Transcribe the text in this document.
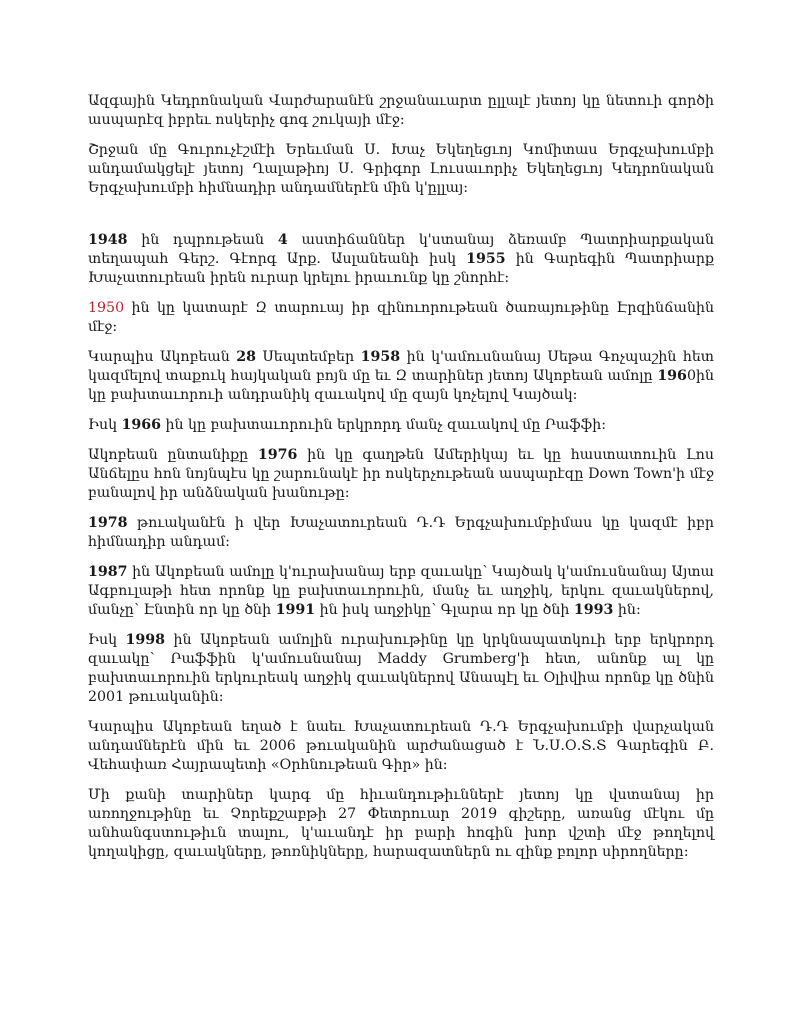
Ազգային Կեդրոնական Վարժարանէն շրջանաւարտ ըլլալէ յետոյ կը նետուի գործի ասպարէզ իբրեւ ոսկերիչ գոգ շուկայի մէջ։

Շրջան մը Գուրուչէշմէի Երեւման Ս. Խաչ Եկեղեցւոյ Կոմիտաս Երգչախումբի անդամակցելէ յետոյ Ղալաթիոյ Ս. Գրիգոր Լուսաւորիչ Եկեղեցւոյ Կեդրոնական Երգչախումբի հիմնադիր անդամներէն մին կ'ըլլայ։

1948 ին դպրութեան 4 աստիճաններ կ'ստանայ ձեռամբ Պատրիարքական տեղապահ Գերշ. Գէորգ Արք. Ասլանեանի իսկ 1955 ին Գարեգին Պատրիարք Խաչատուրեան իրեն ուրար կրելու իրաւունք կը շնորհէ։

1950 ին կը կատարէ Զ տարուայ իր զինուորութեան ծառայութինը Էրզինճանին մէջ։

Կարպիս Ակոբեան 28 Սեպտեմբեր 1958 ին կ'ամուսնանայ Սեթա Գոչպաշին հետ կազմելով տաքուկ հայկական բոյն մը եւ Զ տարիներ յետոյ Ակոբեան ամոլը 1960ին կը բախտաւորուի անդրանիկ զաւակով մը զայն կոչելով Կայծակ։

Իսկ 1966 ին կը բախտաւորուին երկրորդ մանչ զաւակով մը Րաֆֆի։

Ակոբեան ընտանիքը 1976 ին կը գաղթեն Ամերիկայ եւ կը հաստատուին Լոս Անճելըս հոն նոյնպէս կը շարունակէ իր ոսկերչութեան ասպարէզը Down Town'ի մէջ բանալով իր անձնական խանութը։

1978 թուականէն ի վեր Խաչատուրեան Դ.Դ Երգչախումբիմաս կը կազմէ իբր հիմնադիր անդամ։

1987 ին Ակոբեան ամոլը կ'ուրախանայ երբ զաւակը՝ Կայծակ կ'ամուսնանայ Այտա Ագբուլաթի հետ որոնք կը բախտաւորուին, մանչ եւ աղջիկ, երկու զաւակներով, մանչը՝ Էնտին որ կը ծնի 1991 ին իսկ աղջիկը՝ Գլարա որ կը ծնի 1993 ին։

Իսկ 1998 ին Ակոբեան ամոլին ուրախութինը կը կրկնապատկուի երբ երկրորդ զաւակը՝ Րաֆֆին կ'ամուսնանայ Maddy Grumberg'ի հետ, անոնք ալ կը բախտաւորուին երկուրեակ աղջիկ զաւակներով Անապէլ եւ Օլիվիա որոնք կը ծնին 2001 թուականին։

Կարպիս Ակոբեան եղած է նաեւ Խաչատուրեան Դ.Դ Երգչախումբի վարչական անդամներէն մին եւ 2006 թուականին արժանացած է Ն.Ս.Օ.Տ.Տ Գարեգին Բ. Վեհափառ Հայրապետի «Օրհնութեան Գիր» ին։

Մի քանի տարիներ կարգ մը հիւանդութիւններէ յետոյ կը վստանայ իր առողջութինը եւ Չորեքշաբթի 27 Փետրուար 2019 գիշերը, առանց մէկու մը անհանգստութիւն տալու, կ'աւանդէ իր բարի հոգին խոր վշտի մէջ թողելով կողակիցը, զաւակները, թոռնիկները, հարազատներն ու զինք բոլոր սիրողները։
